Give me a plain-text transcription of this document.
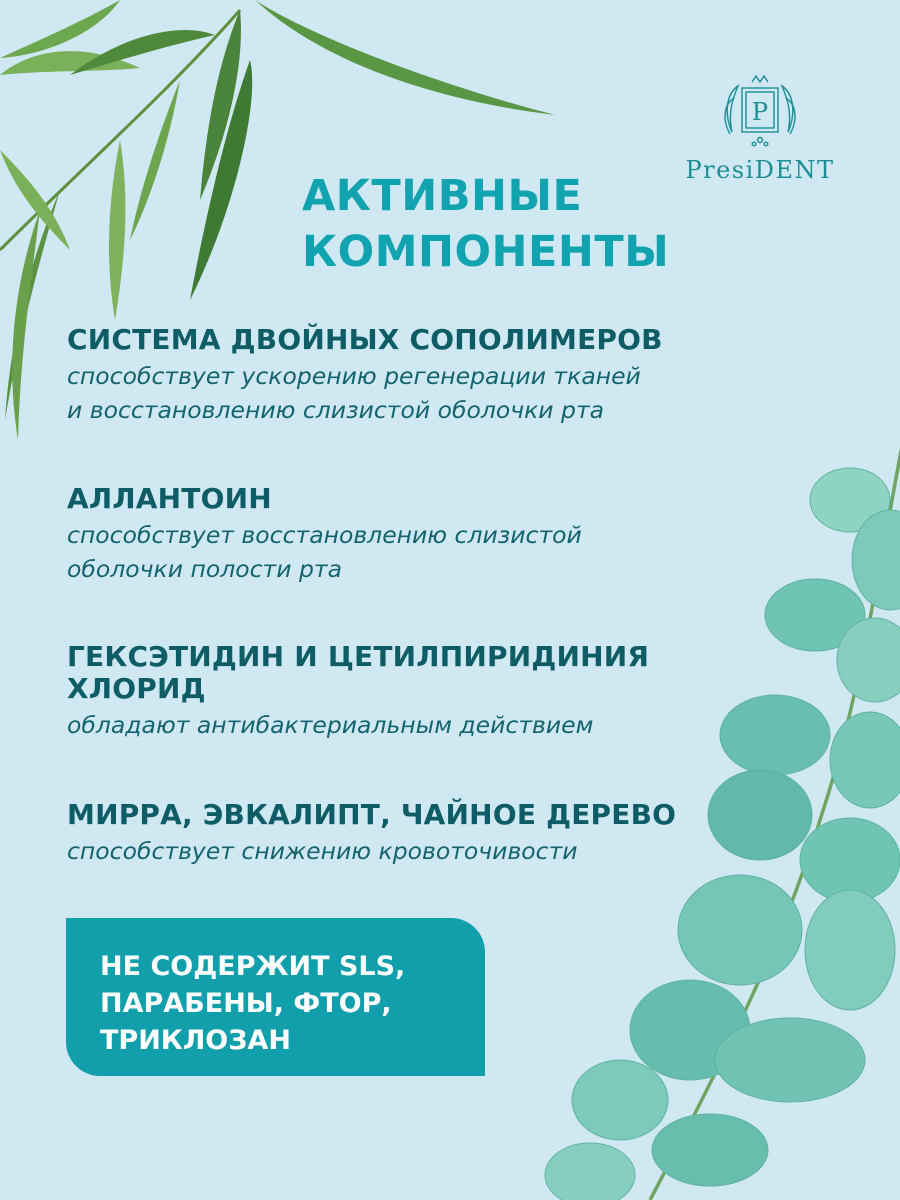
P
PresiDENT
АКТИВНЫЕ
КОМПОНЕНТЫ
СИСТЕМА ДВОЙНЫХ СОПОЛИМЕРОВ

способствует ускорению регенерации тканей
и восстановлению слизистой оболочки рта

АЛЛАНТОИН

способствует восстановлению слизистой
оболочки полости рта

ГЕКСЭТИДИН И ЦЕТИЛПИРИДИНИЯ
ХЛОРИД

обладают антибактериальным действием

МИРРА, ЭВКАЛИПТ, ЧАЙНОЕ ДЕРЕВО

способствует снижению кровоточивости

НЕ СОДЕРЖИТ SLS,
ПАРАБЕНЫ, ФТОР,
ТРИКЛОЗАН
